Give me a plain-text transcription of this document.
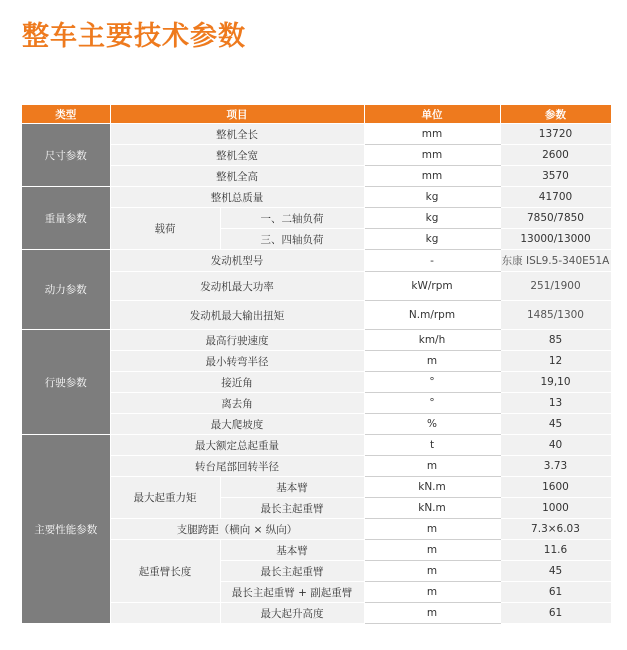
整车主要技术参数
类型	项目		单位	参数
尺寸参数	整机全长		mm	13720
	整机全宽		mm	2600
	整机全高		mm	3570
重量参数	整机总质量		kg	41700
	载荷	一、二轴负荷	kg	7850/7850
		三、四轴负荷	kg	13000/13000
动力参数	发动机型号		-	东康 ISL9.5-340E51A
	发动机最大功率		kW/rpm	251/1900
	发动机最大输出扭矩		N.m/rpm	1485/1300
行驶参数	最高行驶速度		km/h	85
	最小转弯半径		m	12
	接近角		°	19,10
	离去角		°	13
	最大爬坡度		%	45
主要性能参数	最大额定总起重量		t	40
	转台尾部回转半径		m	3.73
	最大起重力矩	基本臂	kN.m	1600
		最长主起重臂	kN.m	1000
	支腿跨距（横向 × 纵向）		m	7.3×6.03
	起重臂长度	基本臂	m	11.6
		最长主起重臂	m	45
		最长主起重臂 + 副起重臂	m	61
		最大起升高度	m	61
